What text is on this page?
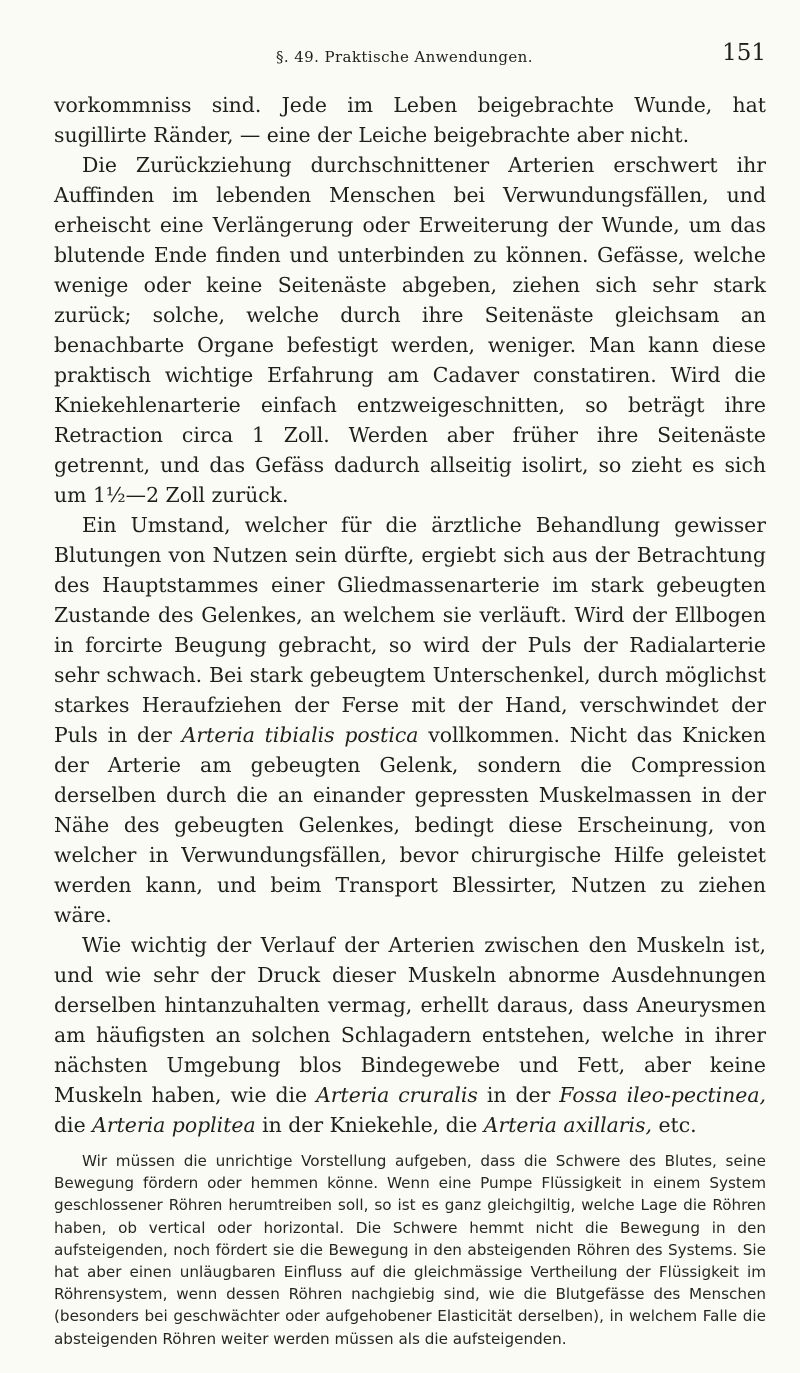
§. 49. Praktische Anwendungen.	151

vorkommniss sind. Jede im Leben beigebrachte Wunde, hat sugillirte Ränder, — eine der Leiche beigebrachte aber nicht.

Die Zurückziehung durchschnittener Arterien erschwert ihr Auffinden im lebenden Menschen bei Verwundungsfällen, und erheischt eine Verlängerung oder Erweiterung der Wunde, um das blutende Ende finden und unterbinden zu können. Gefässe, welche wenige oder keine Seitenäste abgeben, ziehen sich sehr stark zurück; solche, welche durch ihre Seitenäste gleichsam an benachbarte Organe befestigt werden, weniger. Man kann diese praktisch wichtige Erfahrung am Cadaver constatiren. Wird die Kniekehlenarterie einfach entzweigeschnitten, so beträgt ihre Retraction circa 1 Zoll. Werden aber früher ihre Seitenäste getrennt, und das Gefäss dadurch allseitig isolirt, so zieht es sich um 1½—2 Zoll zurück.

Ein Umstand, welcher für die ärztliche Behandlung gewisser Blutungen von Nutzen sein dürfte, ergiebt sich aus der Betrachtung des Hauptstammes einer Gliedmassenarterie im stark gebeugten Zustande des Gelenkes, an welchem sie verläuft. Wird der Ellbogen in forcirte Beugung gebracht, so wird der Puls der Radialarterie sehr schwach. Bei stark gebeugtem Unterschenkel, durch möglichst starkes Heraufziehen der Ferse mit der Hand, verschwindet der Puls in der Arteria tibialis postica vollkommen. Nicht das Knicken der Arterie am gebeugten Gelenk, sondern die Compression derselben durch die an einander gepressten Muskelmassen in der Nähe des gebeugten Gelenkes, bedingt diese Erscheinung, von welcher in Verwundungsfällen, bevor chirurgische Hilfe geleistet werden kann, und beim Transport Blessirter, Nutzen zu ziehen wäre.

Wie wichtig der Verlauf der Arterien zwischen den Muskeln ist, und wie sehr der Druck dieser Muskeln abnorme Ausdehnungen derselben hintanzuhalten vermag, erhellt daraus, dass Aneurysmen am häufigsten an solchen Schlagadern entstehen, welche in ihrer nächsten Umgebung blos Bindegewebe und Fett, aber keine Muskeln haben, wie die Arteria cruralis in der Fossa ileo-pectinea, die Arteria poplitea in der Kniekehle, die Arteria axillaris, etc.

Wir müssen die unrichtige Vorstellung aufgeben, dass die Schwere des Blutes, seine Bewegung fördern oder hemmen könne. Wenn eine Pumpe Flüssigkeit in einem System geschlossener Röhren herumtreiben soll, so ist es ganz gleichgiltig, welche Lage die Röhren haben, ob vertical oder horizontal. Die Schwere hemmt nicht die Bewegung in den aufsteigenden, noch fördert sie die Bewegung in den absteigenden Röhren des Systems. Sie hat aber einen unläugbaren Einfluss auf die gleichmässige Vertheilung der Flüssigkeit im Röhrensystem, wenn dessen Röhren nachgiebig sind, wie die Blutgefässe des Menschen (besonders bei geschwächter oder aufgehobener Elasticität derselben), in welchem Falle die absteigenden Röhren weiter werden müssen als die aufsteigenden.
